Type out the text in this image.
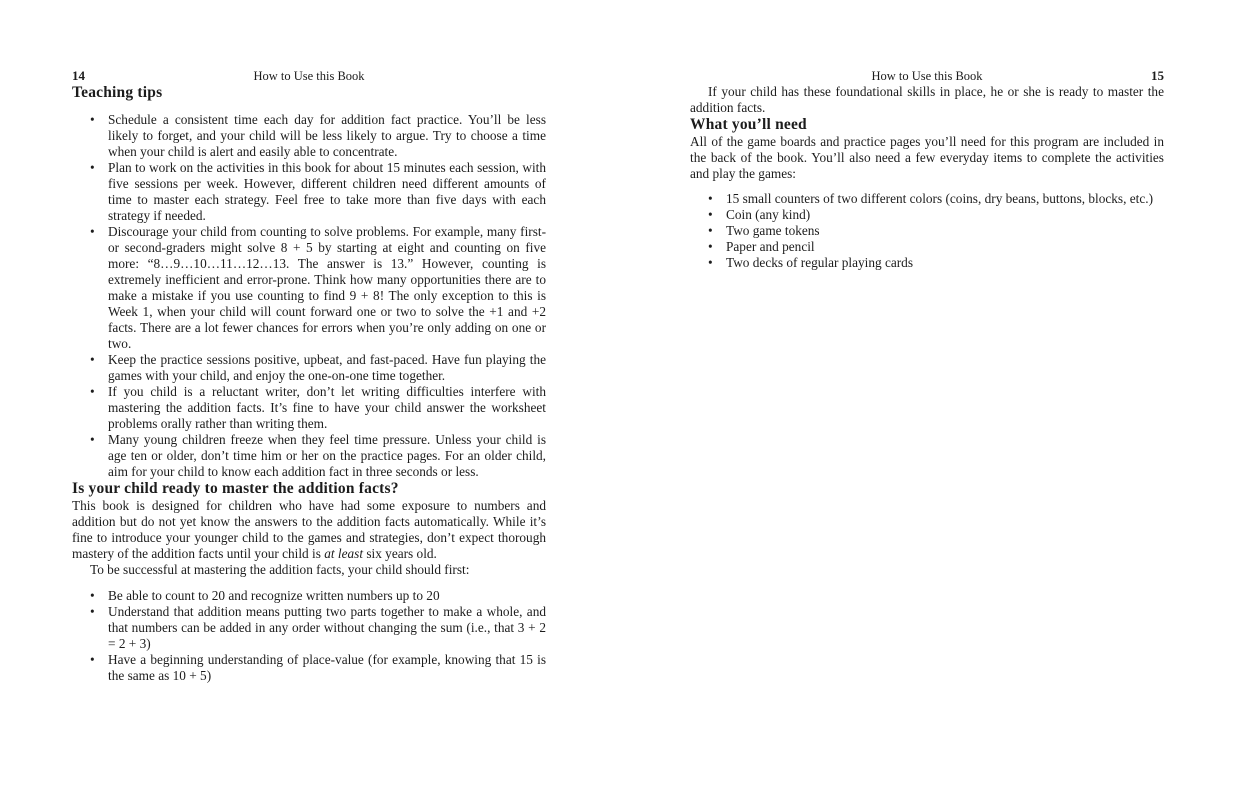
14	How to Use this Book
Teaching tips
• Schedule a consistent time each day for addition fact practice. You’ll be less likely to forget, and your child will be less likely to argue. Try to choose a time when your child is alert and easily able to concentrate.
• Plan to work on the activities in this book for about 15 minutes each session, with five sessions per week. However, different children need different amounts of time to master each strategy. Feel free to take more than five days with each strategy if needed.
• Discourage your child from counting to solve problems. For example, many first- or second-graders might solve 8 + 5 by starting at eight and counting on five more: “8…9…10…11…12…13. The answer is 13.” However, counting is extremely inefficient and error-prone. Think how many opportunities there are to make a mistake if you use counting to find 9 + 8! The only exception to this is Week 1, when your child will count forward one or two to solve the +1 and +2 facts. There are a lot fewer chances for errors when you’re only adding on one or two.
• Keep the practice sessions positive, upbeat, and fast-paced. Have fun playing the games with your child, and enjoy the one-on-one time together.
• If you child is a reluctant writer, don’t let writing difficulties interfere with mastering the addition facts. It’s fine to have your child answer the worksheet problems orally rather than writing them.
• Many young children freeze when they feel time pressure. Unless your child is age ten or older, don’t time him or her on the practice pages. For an older child, aim for your child to know each addition fact in three seconds or less.
Is your child ready to master the addition facts?

This book is designed for children who have had some exposure to numbers and addition but do not yet know the answers to the addition facts automatically. While it’s fine to introduce your younger child to the games and strategies, don’t expect thorough mastery of the addition facts until your child is at least six years old.

To be successful at mastering the addition facts, your child should first:

• Be able to count to 20 and recognize written numbers up to 20
• Understand that addition means putting two parts together to make a whole, and that numbers can be added in any order without changing the sum (i.e., that 3 + 2 = 2 + 3)
• Have a beginning understanding of place-value (for example, knowing that 15 is the same as 10 + 5)
How to Use this Book	15

If your child has these foundational skills in place, he or she is ready to master the addition facts.

What you’ll need

All of the game boards and practice pages you’ll need for this program are included in the back of the book. You’ll also need a few everyday items to complete the activities and play the games:

• 15 small counters of two different colors (coins, dry beans, buttons, blocks, etc.)
• Coin (any kind)
• Two game tokens
• Paper and pencil
• Two decks of regular playing cards
